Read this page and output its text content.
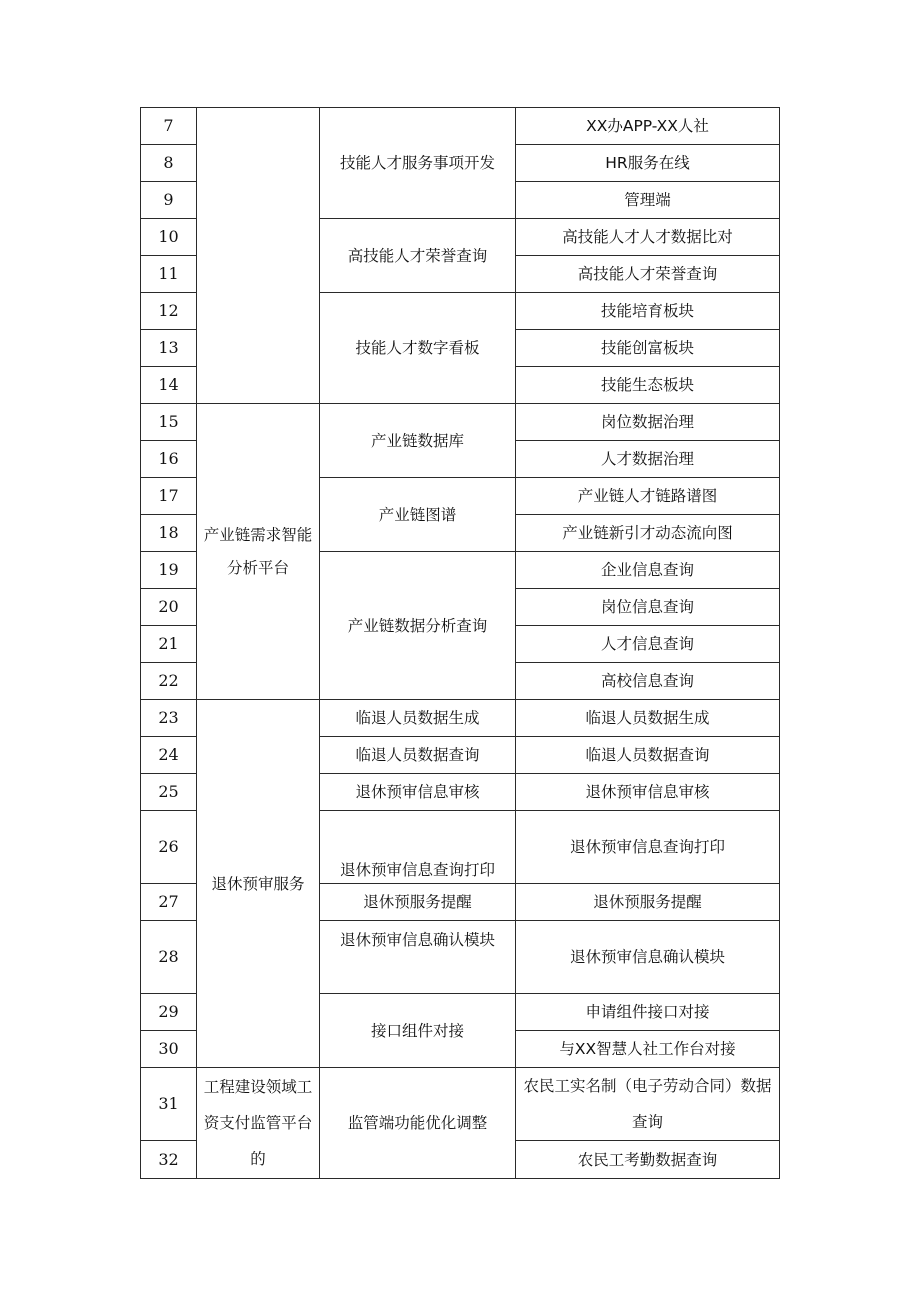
7		技能人才服务事项开发	XX办APP-XX人社
8			HR服务在线
9			管理端
10		高技能人才荣誉查询	高技能人才人才数据比对
11			高技能人才荣誉查询
12		技能人才数字看板	技能培育板块
13			技能创富板块
14			技能生态板块
15	产业链需求智能分析平台	产业链数据库	岗位数据治理
16			人才数据治理
17		产业链图谱	产业链人才链路谱图
18			产业链新引才动态流向图
19		产业链数据分析查询	企业信息查询
20			岗位信息查询
21			人才信息查询
22			高校信息查询
23	退休预审服务	临退人员数据生成	临退人员数据生成
24		临退人员数据查询	临退人员数据查询
25		退休预审信息审核	退休预审信息审核
26		退休预审信息查询打印	退休预审信息查询打印
27		退休预服务提醒	退休预服务提醒
28		退休预审信息确认模块	退休预审信息确认模块
29		接口组件对接	申请组件接口对接
30			与XX智慧人社工作台对接
31	工程建设领域工资支付监管平台的	监管端功能优化调整	农民工实名制（电子劳动合同）数据查询
32			农民工考勤数据查询
